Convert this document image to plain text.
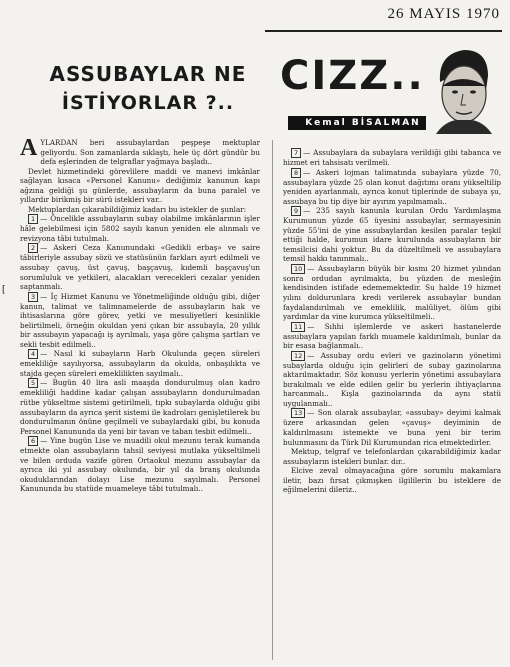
26 MAYIS 1970
ASSUBAYLAR NE
İSTİYORLAR ?..
CIZZ..
Kemal BİSALMAN
[

AYLARDAN beri assubaylardan peşpeşe mektuplar geliyordu. Son zamanlarda sıklaştı, hele üç dört gündür bu defa eşlerinden de telgraflar yağmaya başladı..

Devlet hizmetindeki görevlilere maddi ve manevi imkânlar sağlayan kısaca «Personel Kanunu» dediğimiz kanunun kapı ağzına geldiği şu günlerde, assubayların da buna paralel ve yıllardır birikmiş bir sürü istekleri var..

Mektuplardan çıkarabildiğimiz kadarı bu istekler de şunlar:

1 — Öncelikle assubayların subay olabilme imkânlarının işler hâle gelebilmesi için 5802 sayılı kanun yeniden ele alınmalı ve revizyona tâbi tutulmalı.

2 — Askeri Ceza Kanunundaki «Gedikli erbaş» ve saire tâbirleriyle assubay sözü ve statüsünün farkları ayırt edilmeli ve assubay çavuş, üst çavuş, başçavuş, kıdemli başçavuş'un sorumluluk ve yetkileri, alacakları verecekleri cezalar yeniden saptanmalı.

3 — İç Hizmet Kanunu ve Yönetmeliğinde olduğu gibi, diğer kanun, talimat ve talimnamelerde de assubayların hak ve ihtisaslarına göre görev, yetki ve mesuliyetleri kesinlikle belirtilmeli, örneğin okuldan yeni çıkan bir assubayla, 20 yıllık bir assubayın yapacağı iş ayrılmalı, yaşa göre çalışma şartları ve sekli tesbit edilmeli..

4 — Nasıl ki subayların Harb Okulunda geçen süreleri emekliliğe sayılıyorsa, assubayların da okulda, onbaşılıkta ve stajda geçen süreleri emeklilikten sayılmalı..

5 — Bugün 40 lira asli maaşda dondurulmuş olan kadro emekliliği haddine kadar çalışan assubayların dondurulmadan rütbe yükseltme sistemi getirilmeli, tıpkı subaylarda olduğu gibi assubayların da ayrıca şerit sistemi ile kadroları genişletilerek bu dondurulmanın önüne geçilmeli ve subaylardaki gibi, bu konuda Personel Kanununda da yeni bir tavan ve taban tesbit edilmeli..

6 — Yine bugün Lise ve muadili okul mezunu terak kumanda etmekte olan assubayların tahsil seviyesi mutlaka yükseltilmeli ve bilen orduda vazife gören Ortaokul mezunu assubaylar da ayrıca iki yıl assubay okulunda, bir yıl da branş okulunda okuduklarından dolayı Lise mezunu sayılmalı. Personel Kanununda bu statüde muameleye tâbi tutulmalı..

7 — Assubaylara da subaylara verildiği gibi tabanca ve hizmet eri tahsisatı verilmeli.

8 — Askeri lojman talimatında subaylara yüzde 70, assubaylara yüzde 25 olan konut dağıtımı oranı yükseltilip yeniden ayarlanmalı, ayrıca konut tiplerinde de subaya şu, assubaya bu tip diye bir ayırım yapılmamalı..

9 — 235 sayılı kanunla kurulan Ordu Yardımlaşma Kurumunun yüzde 65 üyesini assubaylar, sermayesinin yüzde 55'ini de yine assubaylardan kesilen paralar teşkil ettiği halde, kurumun idare kurulunda assubayların bir temsilcisi dahi yoktur. Bu da düzeltilmeli ve assubaylara temsil hakkı tanınmalı..

10 — Assubayların büyük bir kısmı 20 hizmet yılından sonra ordudan ayrılmakta, bu yüzden de mesleğin kendisinden istifade edememektedir. Su halde 19 hizmet yılını doldurunlara kredi verilerek assubaylar bundan faydalandırılmalı ve emeklilik, malûliyet, ölüm gibi yardımlar da vine kurumca yükseltilmeli..

11 — Sıhhi işlemlerde ve askeri hastanelerde assubaylara yapılan farklı muamele kaldırılmalı, bunlar da bir esasa bağlanmalı..

12 — Assubay ordu evleri ve gazinoların yönetimi subaylarda olduğu için gelirleri de subay gazinolarına aktarılmaktadır. Söz konusu yerlerin yönetimi assubaylara bırakılmalı ve elde edilen gelir bu yerlerin ihtiyaçlarına harcanmalı.. Kışla gazinolarında da aynı statü uygulanmalı..

13 — Son olarak assubaylar, «assubay» deyimi kalmak üzere arkasından gelen «çavuş» deyiminin de kaldırılmasını istemekte ve buna yeni bir terim bulunmasını da Türk Dil Kurumundan rica etmektedirler.

Mektup, telgraf ve telefonlardan çıkarabildiğimiz kadar assubayların istekleri bunlar. dır..

Elcive zeval olmayacağına göre sorumlu makamlara iletir, bazı fırsat çıkmışken ilgililerin bu isteklere de eğilmelerini dileriz..
